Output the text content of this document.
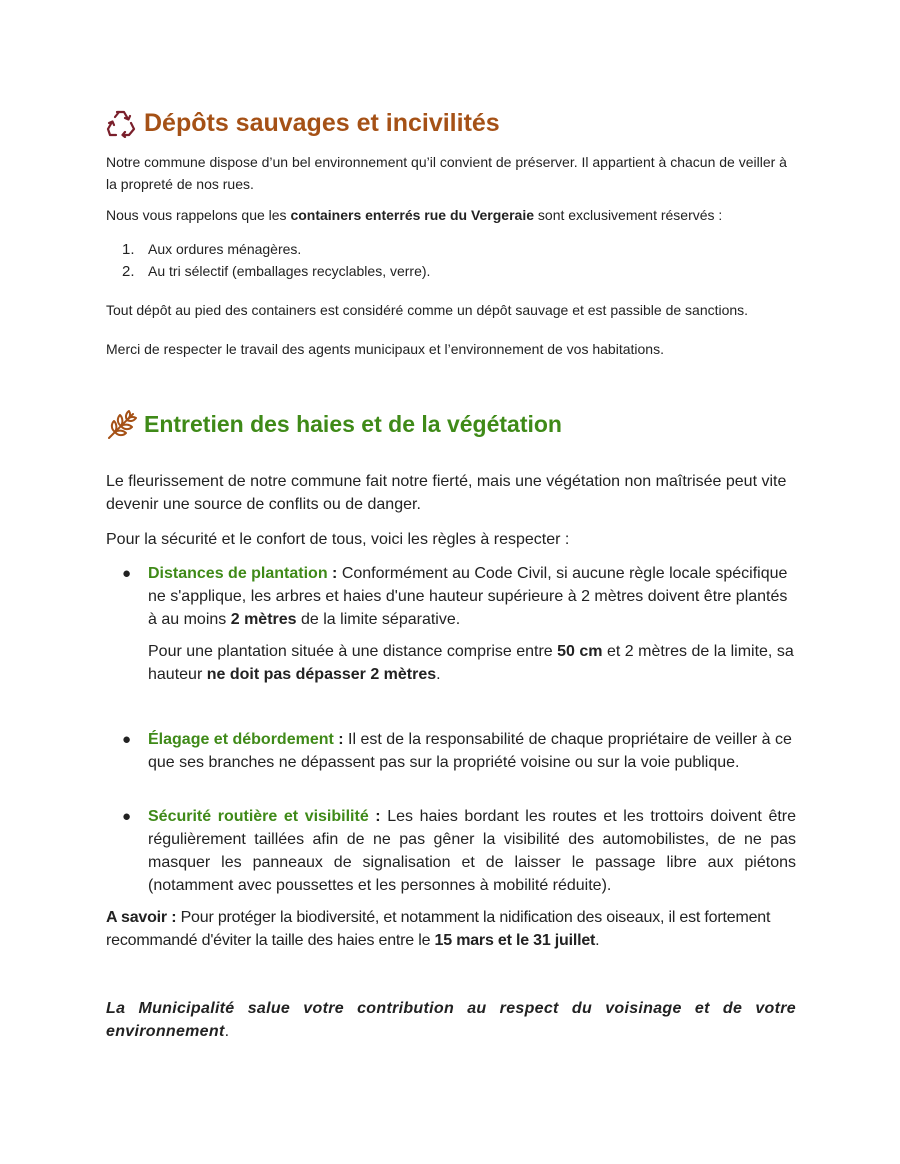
Dépôts sauvages et incivilités

Notre commune dispose d’un bel environnement qu’il convient de préserver. Il appartient à chacun de veiller à la propreté de nos rues.

Nous vous rappelons que les containers enterrés rue du Vergeraie sont exclusivement réservés :

1. Aux ordures ménagères.
2. Au tri sélectif (emballages recyclables, verre).

Tout dépôt au pied des containers est considéré comme un dépôt sauvage et est passible de sanctions.

Merci de respecter le travail des agents municipaux et l’environnement de vos habitations.

Entretien des haies et de la végétation

Le fleurissement de notre commune fait notre fierté, mais une végétation non maîtrisée peut vite devenir une source de conflits ou de danger.

Pour la sécurité et le confort de tous, voici les règles à respecter :

● Distances de plantation : Conformément au Code Civil, si aucune règle locale spécifique ne s'applique, les arbres et haies d'une hauteur supérieure à 2 mètres doivent être plantés à au moins 2 mètres de la limite séparative.
Pour une plantation située à une distance comprise entre 50 cm et 2 mètres de la limite, sa hauteur ne doit pas dépasser 2 mètres.
● Élagage et débordement : Il est de la responsabilité de chaque propriétaire de veiller à ce que ses branches ne dépassent pas sur la propriété voisine ou sur la voie publique.
● Sécurité routière et visibilité : Les haies bordant les routes et les trottoirs doivent être régulièrement taillées afin de ne pas gêner la visibilité des automobilistes, de ne pas masquer les panneaux de signalisation et de laisser le passage libre aux piétons (notamment avec poussettes et les personnes à mobilité réduite).

A savoir : Pour protéger la biodiversité, et notamment la nidification des oiseaux, il est fortement recommandé d'éviter la taille des haies entre le 15 mars et le 31 juillet.

La Municipalité salue votre contribution au respect du voisinage et de votre environnement.
